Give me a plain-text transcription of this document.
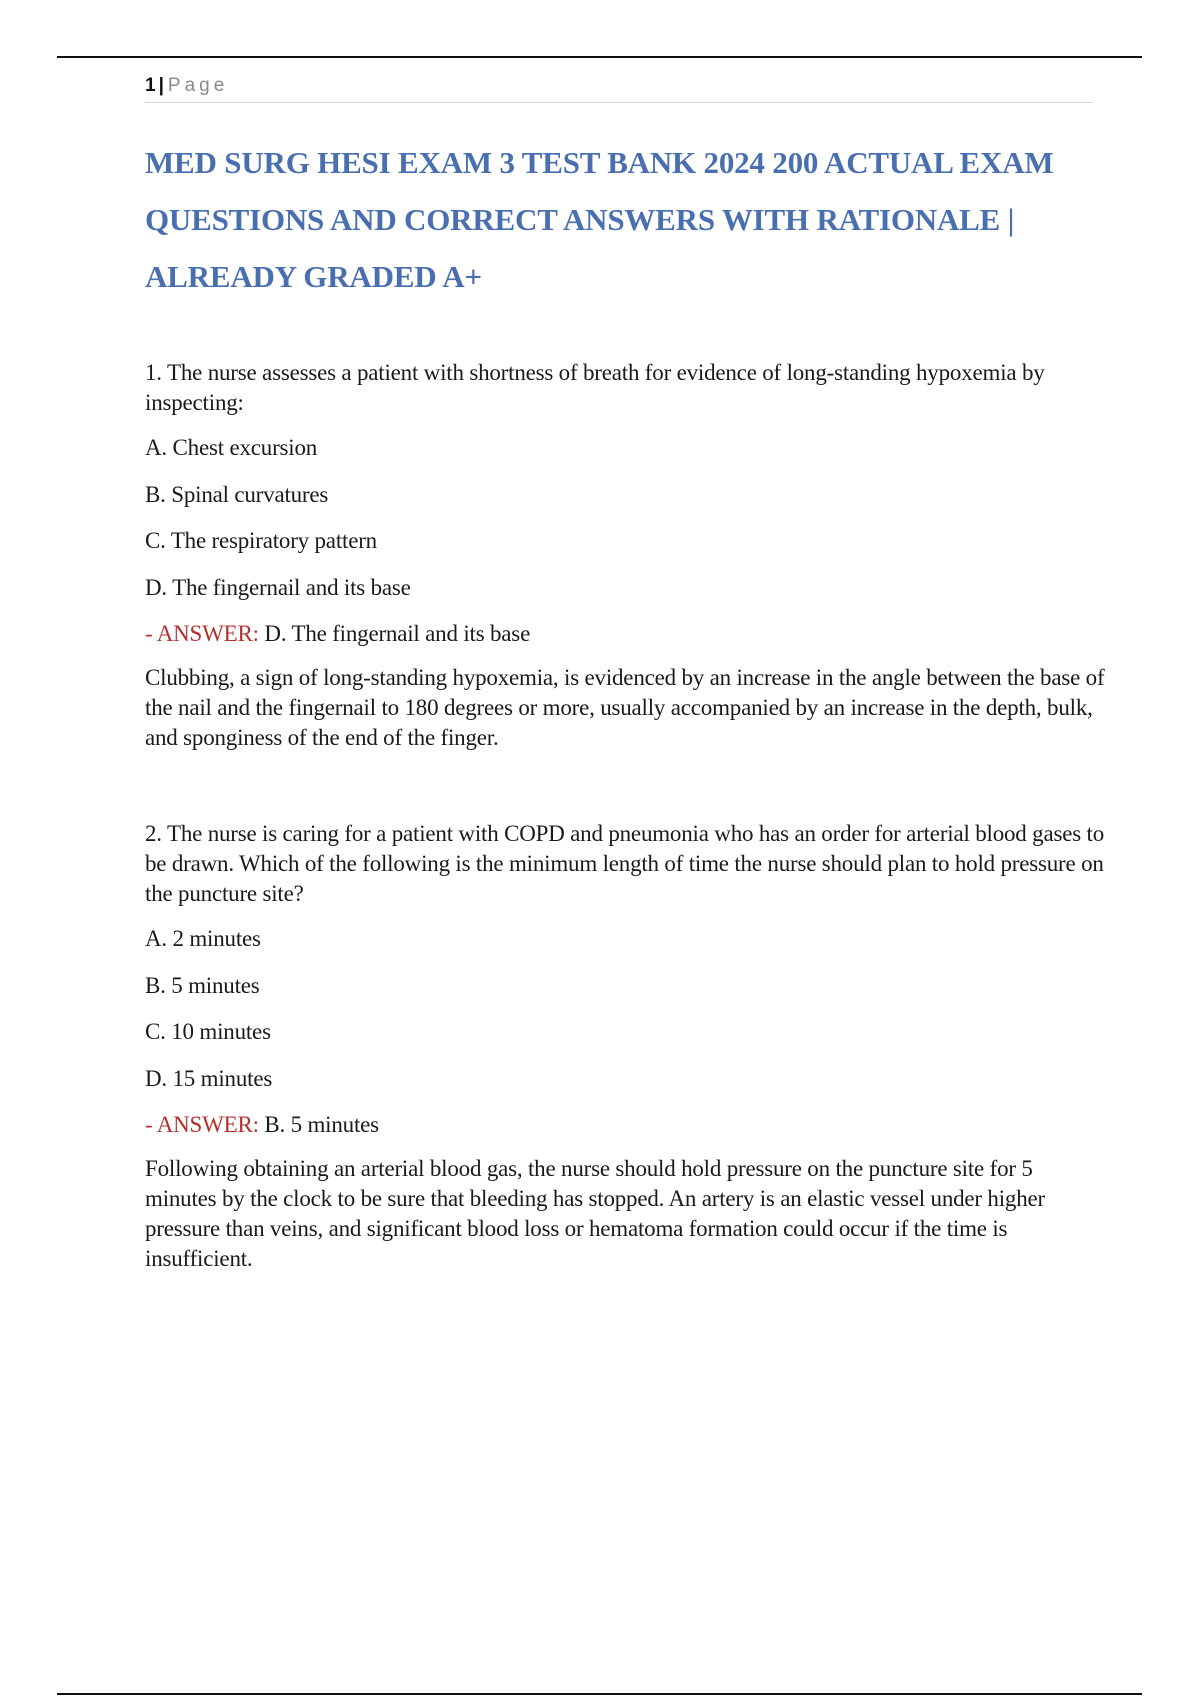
1 | Page
MED SURG HESI EXAM 3 TEST BANK 2024 200 ACTUAL EXAM QUESTIONS AND CORRECT ANSWERS WITH RATIONALE | ALREADY GRADED A+

1. The nurse assesses a patient with shortness of breath for evidence of long-standing hypoxemia by inspecting:

A. Chest excursion

B. Spinal curvatures

C. The respiratory pattern

D. The fingernail and its base

- ANSWER: D. The fingernail and its base

Clubbing, a sign of long-standing hypoxemia, is evidenced by an increase in the angle between the base of the nail and the fingernail to 180 degrees or more, usually accompanied by an increase in the depth, bulk, and sponginess of the end of the finger.

2. The nurse is caring for a patient with COPD and pneumonia who has an order for arterial blood gases to be drawn. Which of the following is the minimum length of time the nurse should plan to hold pressure on the puncture site?

A. 2 minutes

B. 5 minutes

C. 10 minutes

D. 15 minutes

- ANSWER: B. 5 minutes

Following obtaining an arterial blood gas, the nurse should hold pressure on the puncture site for 5 minutes by the clock to be sure that bleeding has stopped. An artery is an elastic vessel under higher pressure than veins, and significant blood loss or hematoma formation could occur if the time is insufficient.
